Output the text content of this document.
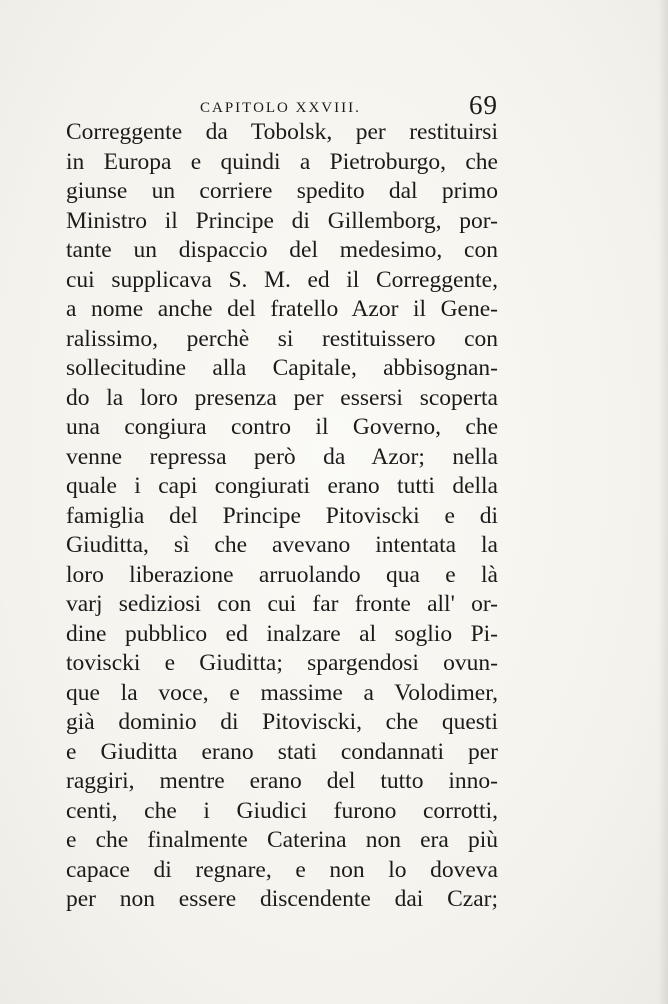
CAPITOLO XXVIII.	69
Correggente da Tobolsk, per restituirsi
in Europa e quindi a Pietroburgo, che
giunse un corriere spedito dal primo
Ministro il Principe di Gillemborg, por-
tante un dispaccio del medesimo, con
cui supplicava S. M. ed il Correggente,
a nome anche del fratello Azor il Gene-
ralissimo, perchè si restituissero con
sollecitudine alla Capitale, abbisognan-
do la loro presenza per essersi scoperta
una congiura contro il Governo, che
venne repressa però da Azor; nella
quale i capi congiurati erano tutti della
famiglia del Principe Pitoviscki e di
Giuditta, sì che avevano intentata la
loro liberazione arruolando qua e là
varj sediziosi con cui far fronte all' or-
dine pubblico ed inalzare al soglio Pi-
toviscki e Giuditta; spargendosi ovun-
que la voce, e massime a Volodimer,
già dominio di Pitoviscki, che questi
e Giuditta erano stati condannati per
raggiri, mentre erano del tutto inno-
centi, che i Giudici furono corrotti,
e che finalmente Caterina non era più
capace di regnare, e non lo doveva
per non essere discendente dai Czar;
